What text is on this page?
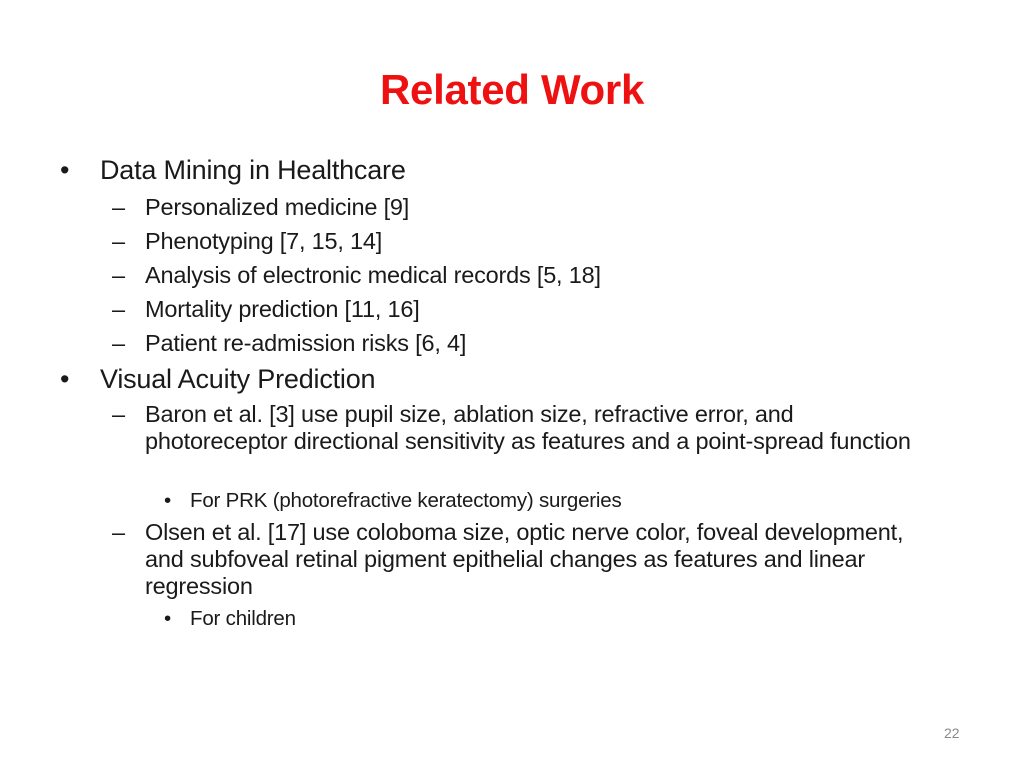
Related Work
• Data Mining in Healthcare
– Personalized medicine [9]
– Phenotyping [7, 15, 14]
– Analysis of electronic medical records [5, 18]
– Mortality prediction [11, 16]
– Patient re-admission risks [6, 4]
• Visual Acuity Prediction
– Baron et al. [3] use pupil size, ablation size, refractive error, and photoreceptor directional sensitivity as features and a point-spread function
• For PRK (photorefractive keratectomy) surgeries
– Olsen et al. [17] use coloboma size, optic nerve color, foveal development, and subfoveal retinal pigment epithelial changes as features and linear regression
• For children
22
